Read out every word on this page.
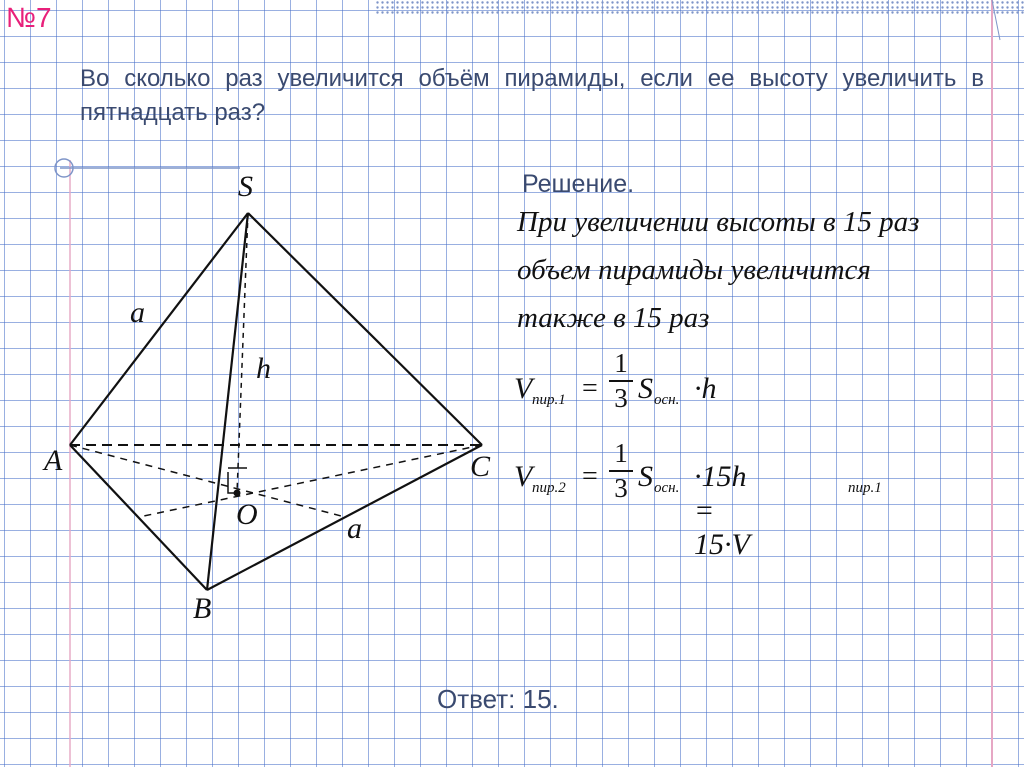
№7
Во сколько раз увеличится объём пирамиды, если ее высоту увеличить в пятнадцать раз?
S
A	C
B
O
h
a
a
Решение.
При увеличении высоты в 15 раз
объем пирамиды увеличится
также в 15 раз
V пир.1 =
1
3 S осн. ·h
V пир.2 =
1
3 S осн. ·15h = 15·V
пир.1
Ответ: 15.
